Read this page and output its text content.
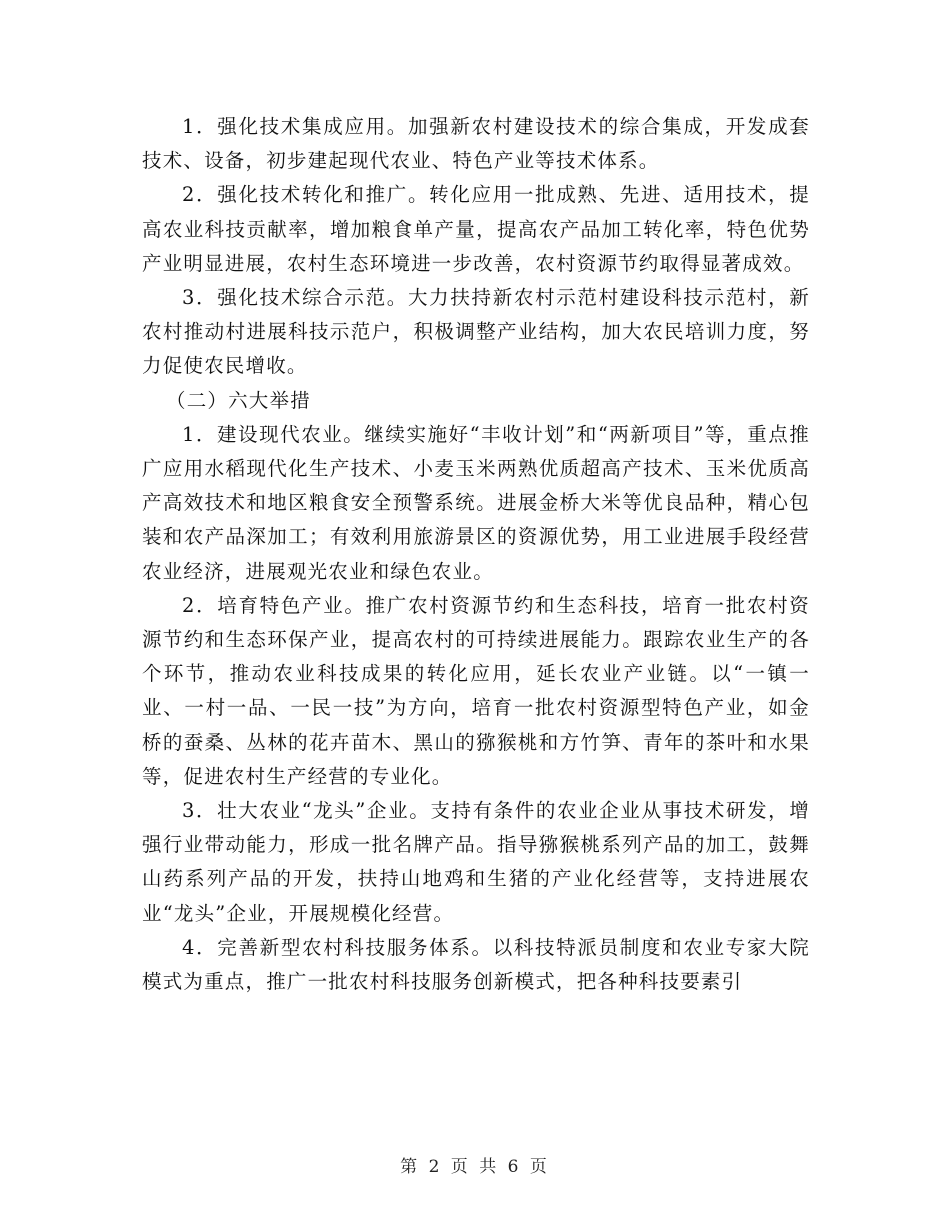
1．强化技术集成应用。加强新农村建设技术的综合集成，开发成套技术、设备，初步建起现代农业、特色产业等技术体系。

2．强化技术转化和推广。转化应用一批成熟、先进、适用技术，提高农业科技贡献率，增加粮食单产量，提高农产品加工转化率，特色优势产业明显进展，农村生态环境进一步改善，农村资源节约取得显著成效。

3．强化技术综合示范。大力扶持新农村示范村建设科技示范村，新农村推动村进展科技示范户，积极调整产业结构，加大农民培训力度，努力促使农民增收。

（二）六大举措

1．建设现代农业。继续实施好“丰收计划”和“两新项目”等，重点推广应用水稻现代化生产技术、小麦玉米两熟优质超高产技术、玉米优质高产高效技术和地区粮食安全预警系统。进展金桥大米等优良品种，精心包装和农产品深加工；有效利用旅游景区的资源优势，用工业进展手段经营农业经济，进展观光农业和绿色农业。

2．培育特色产业。推广农村资源节约和生态科技，培育一批农村资源节约和生态环保产业，提高农村的可持续进展能力。跟踪农业生产的各个环节，推动农业科技成果的转化应用，延长农业产业链。以“一镇一业、一村一品、一民一技”为方向，培育一批农村资源型特色产业，如金桥的蚕桑、丛林的花卉苗木、黑山的猕猴桃和方竹笋、青年的茶叶和水果等，促进农村生产经营的专业化。

3．壮大农业“龙头”企业。支持有条件的农业企业从事技术研发，增强行业带动能力，形成一批名牌产品。指导猕猴桃系列产品的加工，鼓舞山药系列产品的开发，扶持山地鸡和生猪的产业化经营等，支持进展农业“龙头”企业，开展规模化经营。

4．完善新型农村科技服务体系。以科技特派员制度和农业专家大院模式为重点，推广一批农村科技服务创新模式，把各种科技要素引

第 2 页 共 6 页
